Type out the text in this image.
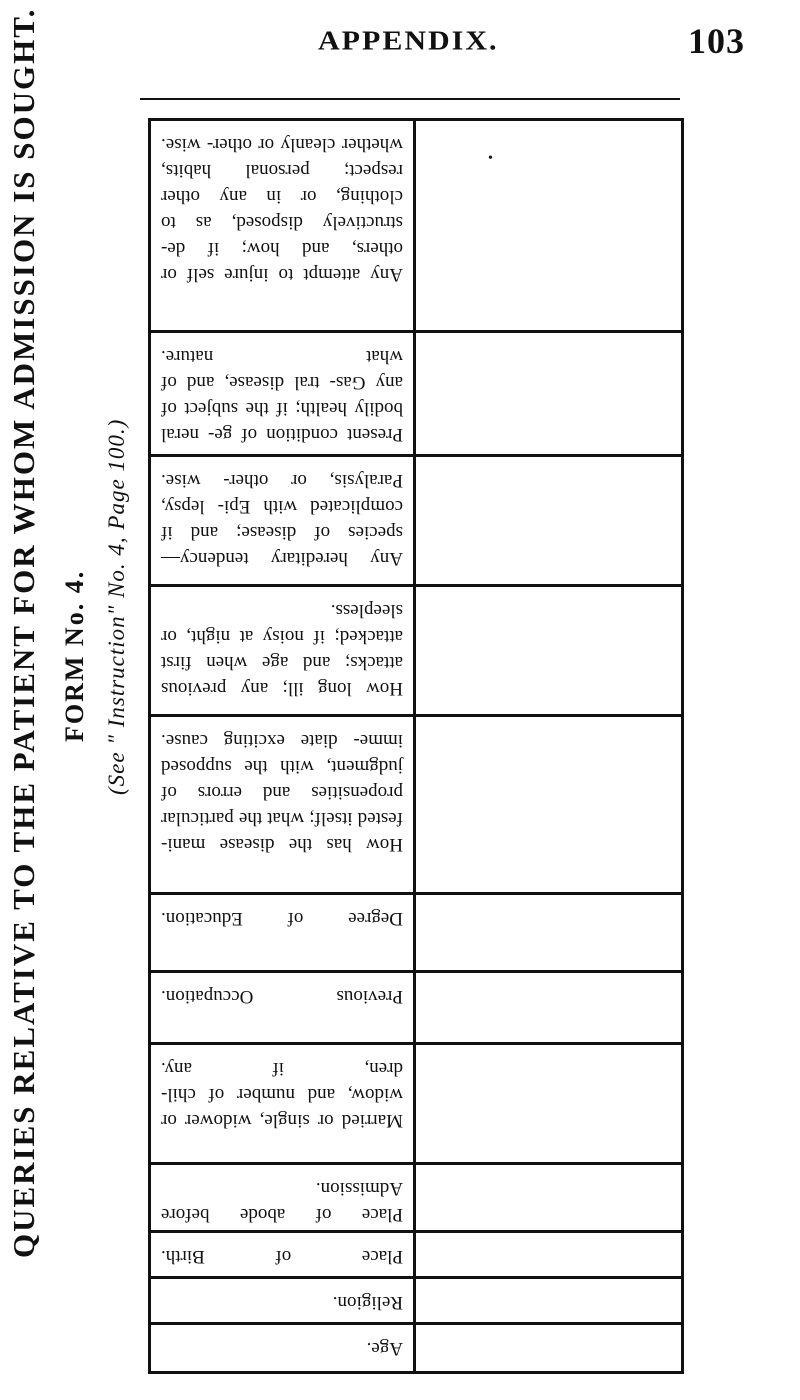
APPENDIX.	103
QUERIES RELATIVE TO THE PATIENT FOR WHOM ADMISSION IS SOUGHT. FORM No. 4. (See " Instruction" No. 4, Page 100.)
Any attempt to injure self or others, and how; if de- structively disposed, as to clothing, or in any other respect; personal habits, whether cleanly or other- wise.
•
Present condition of ge- neral bodily health; if the subject of any Gas- tral disease, and of what nature.
Any hereditary tendency— species of disease; and if complicated with Epi- lepsy, Paralysis, or other- wise.
How long ill; any previous attacks; and age when first attacked; if noisy at night, or sleepless.
How has the disease mani- fested itself; what the particular propensities and errors of judgment, with the supposed imme- diate exciting cause.
Degree of Education.
Previous Occupation.
Married or single, widower or widow, and number of chil- dren, if any.
Place of abode before Admission.
Place of Birth.
Religion.
Age.
